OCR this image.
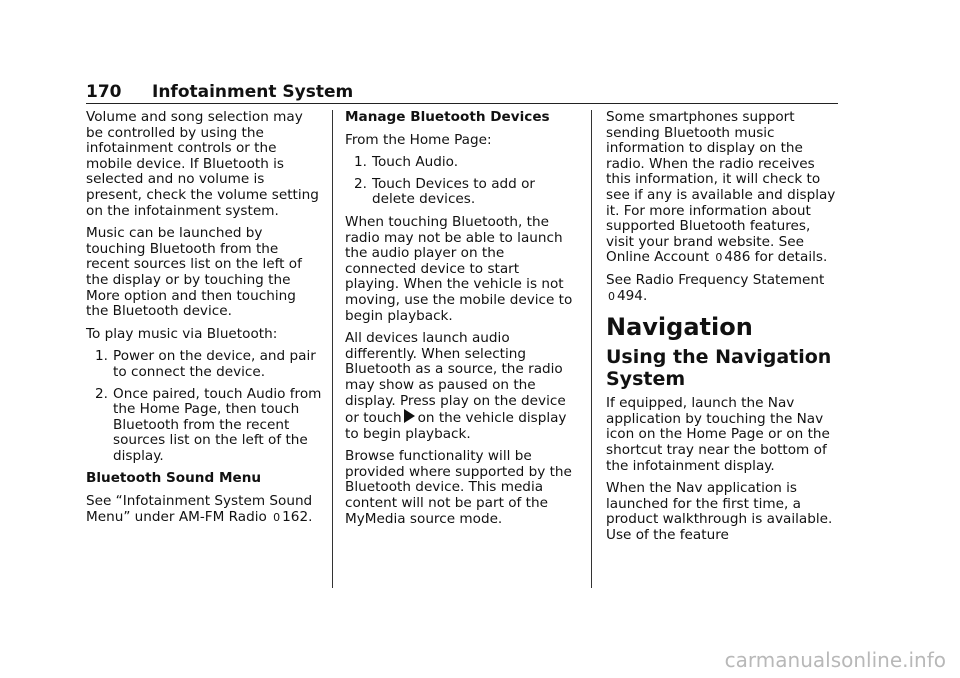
170 Infotainment System

Volume and song selection may be controlled by using the infotainment controls or the mobile device. If Bluetooth is selected and no volume is present, check the volume setting on the infotainment system.

Music can be launched by touching Bluetooth from the recent sources list on the left of the display or by touching the More option and then touching the Bluetooth device.

To play music via Bluetooth:

1. Power on the device, and pair to connect the device.
2. Once paired, touch Audio from the Home Page, then touch Bluetooth from the recent sources list on the left of the display.

Bluetooth Sound Menu

See “Infotainment System Sound Menu” under AM-FM Radio 0 162.

Manage Bluetooth Devices

From the Home Page:

1. Touch Audio.
2. Touch Devices to add or delete devices.

When touching Bluetooth, the radio may not be able to launch the audio player on the connected device to start playing. When the vehicle is not moving, use the mobile device to begin playback.

All devices launch audio differently. When selecting Bluetooth as a source, the radio may show as paused on the display. Press play on the device or touch on the vehicle display to begin playback.

Browse functionality will be provided where supported by the Bluetooth device. This media content will not be part of the MyMedia source mode.

Some smartphones support sending Bluetooth music information to display on the radio. When the radio receives this information, it will check to see if any is available and display it. For more information about supported Bluetooth features, visit your brand website. See Online Account 0 486 for details.

See Radio Frequency Statement 0 494.

Navigation
Using the Navigation System

If equipped, launch the Nav application by touching the Nav icon on the Home Page or on the shortcut tray near the bottom of the infotainment display.

When the Nav application is launched for the first time, a product walkthrough is available. Use of the feature

carmanualsonline.info
